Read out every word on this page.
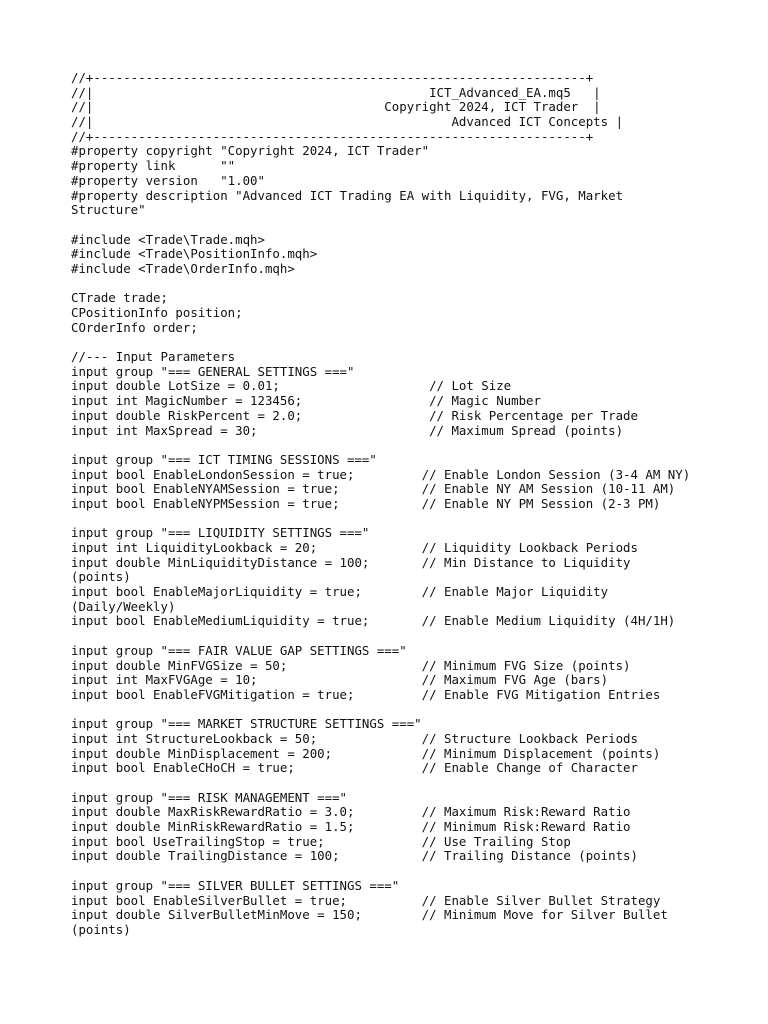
//+------------------------------------------------------------------+
//|                                             ICT_Advanced_EA.mq5   |
//|                                       Copyright 2024, ICT Trader  |
//|                                                Advanced ICT Concepts |
//+------------------------------------------------------------------+
#property copyright "Copyright 2024, ICT Trader"
#property link      ""
#property version   "1.00"
#property description "Advanced ICT Trading EA with Liquidity, FVG, Market
Structure"
#include <Trade\Trade.mqh>
#include <Trade\PositionInfo.mqh>
#include <Trade\OrderInfo.mqh>
CTrade trade;
CPositionInfo position;
COrderInfo order;
//--- Input Parameters
input group "=== GENERAL SETTINGS ==="
input double LotSize = 0.01;                    // Lot Size
input int MagicNumber = 123456;                 // Magic Number
input double RiskPercent = 2.0;                 // Risk Percentage per Trade
input int MaxSpread = 30;                       // Maximum Spread (points)
input group "=== ICT TIMING SESSIONS ==="
input bool EnableLondonSession = true;         // Enable London Session (3-4 AM NY)
input bool EnableNYAMSession = true;           // Enable NY AM Session (10-11 AM)
input bool EnableNYPMSession = true;           // Enable NY PM Session (2-3 PM)
input group "=== LIQUIDITY SETTINGS ==="
input int LiquidityLookback = 20;              // Liquidity Lookback Periods
input double MinLiquidityDistance = 100;       // Min Distance to Liquidity
(points)
input bool EnableMajorLiquidity = true;        // Enable Major Liquidity
(Daily/Weekly)
input bool EnableMediumLiquidity = true;       // Enable Medium Liquidity (4H/1H)
input group "=== FAIR VALUE GAP SETTINGS ==="
input double MinFVGSize = 50;                  // Minimum FVG Size (points)
input int MaxFVGAge = 10;                      // Maximum FVG Age (bars)
input bool EnableFVGMitigation = true;         // Enable FVG Mitigation Entries
input group "=== MARKET STRUCTURE SETTINGS ==="
input int StructureLookback = 50;              // Structure Lookback Periods
input double MinDisplacement = 200;            // Minimum Displacement (points)
input bool EnableCHoCH = true;                 // Enable Change of Character
input group "=== RISK MANAGEMENT ==="
input double MaxRiskRewardRatio = 3.0;         // Maximum Risk:Reward Ratio
input double MinRiskRewardRatio = 1.5;         // Minimum Risk:Reward Ratio
input bool UseTrailingStop = true;             // Use Trailing Stop
input double TrailingDistance = 100;           // Trailing Distance (points)
input group "=== SILVER BULLET SETTINGS ==="
input bool EnableSilverBullet = true;          // Enable Silver Bullet Strategy
input double SilverBulletMinMove = 150;        // Minimum Move for Silver Bullet
(points)
